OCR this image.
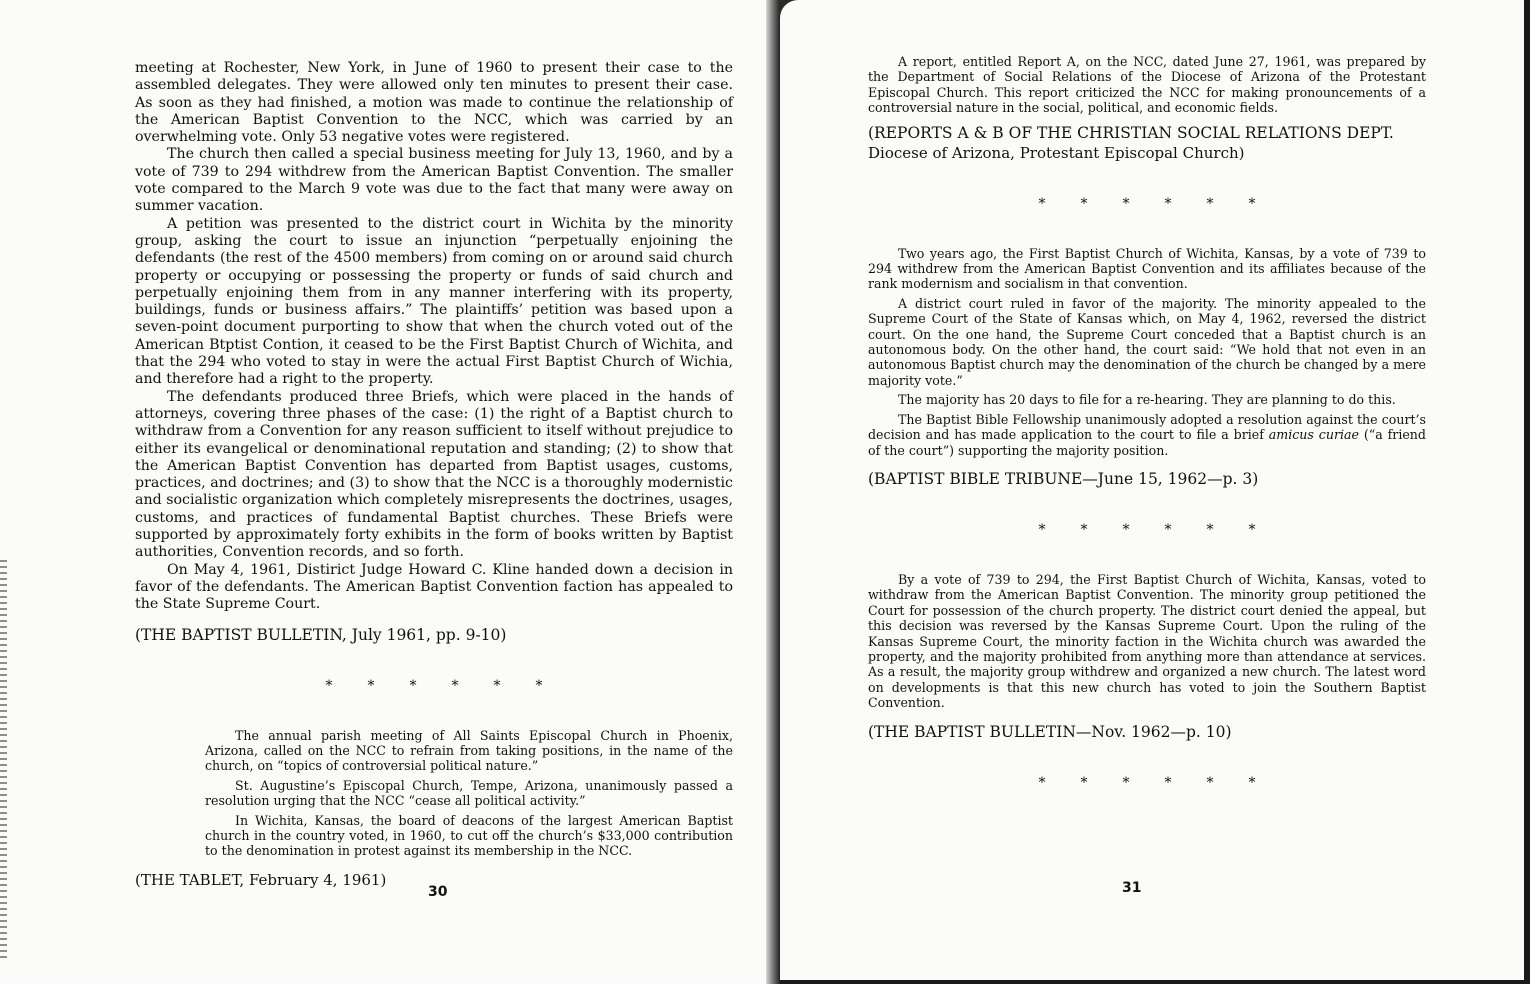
meeting at Rochester, New York, in June of 1960 to present their case to the assembled delegates. They were allowed only ten minutes to present their case. As soon as they had finished, a motion was made to continue the relationship of the American Baptist Convention to the NCC, which was carried by an overwhelming vote. Only 53 negative votes were registered.

The church then called a special business meeting for July 13, 1960, and by a vote of 739 to 294 withdrew from the American Baptist Convention. The smaller vote compared to the March 9 vote was due to the fact that many were away on summer vacation.

A petition was presented to the district court in Wichita by the minority group, asking the court to issue an injunction “perpetually enjoining the defendants (the rest of the 4500 members) from coming on or around said church property or occupying or possessing the property or funds of said church and perpetually enjoining them from in any manner interfering with its property, buildings, funds or business affairs.” The plaintiffs’ petition was based upon a seven-point document purporting to show that when the church voted out of the American Btptist Contion, it ceased to be the First Baptist Church of Wichita, and that the 294 who voted to stay in were the actual First Baptist Church of Wichia, and therefore had a right to the property.

The defendants produced three Briefs, which were placed in the hands of attorneys, covering three phases of the case: (1) the right of a Baptist church to withdraw from a Convention for any reason sufficient to itself without prejudice to either its evangelical or denominational reputation and standing; (2) to show that the American Baptist Convention has departed from Baptist usages, customs, practices, and doctrines; and (3) to show that the NCC is a thoroughly modernistic and socialistic organization which completely misrepresents the doctrines, usages, customs, and practices of fundamental Baptist churches. These Briefs were supported by approximately forty exhibits in the form of books written by Baptist authorities, Convention records, and so forth.

On May 4, 1961, Distirict Judge Howard C. Kline handed down a decision in favor of the defendants. The American Baptist Convention faction has appealed to the State Supreme Court.

(THE BAPTIST BULLETIN, July 1961, pp. 9-10)
*	*	*	*	*	*

The annual parish meeting of All Saints Episcopal Church in Phoenix, Arizona, called on the NCC to refrain from taking positions, in the name of the church, on “topics of controversial political nature.”

St. Augustine’s Episcopal Church, Tempe, Arizona, unanimously passed a resolution urging that the NCC “cease all political activity.”

In Wichita, Kansas, the board of deacons of the largest American Baptist church in the country voted, in 1960, to cut off the church’s $33,000 contribution to the denomination in protest against its membership in the NCC.

(THE TABLET, February 4, 1961)
30

A report, entitled Report A, on the NCC, dated June 27, 1961, was prepared by the Department of Social Relations of the Diocese of Arizona of the Protestant Episcopal Church. This report criticized the NCC for making pronouncements of a controversial nature in the social, political, and economic fields.

(REPORTS A & B OF THE CHRISTIAN SOCIAL RELATIONS DEPT.
Diocese of Arizona, Protestant Episcopal Church)
*	*	*	*	*	*

Two years ago, the First Baptist Church of Wichita, Kansas, by a vote of 739 to 294 withdrew from the American Baptist Convention and its affiliates because of the rank modernism and socialism in that convention.

A district court ruled in favor of the majority. The minority appealed to the Supreme Court of the State of Kansas which, on May 4, 1962, reversed the district court. On the one hand, the Supreme Court conceded that a Baptist church is an autonomous body. On the other hand, the court said: “We hold that not even in an autonomous Baptist church may the denomination of the church be changed by a mere majority vote.”

The majority has 20 days to file for a re-hearing. They are planning to do this.

The Baptist Bible Fellowship unanimously adopted a resolution against the court’s decision and has made application to the court to file a brief amicus curiae (“a friend of the court”) supporting the majority position.

(BAPTIST BIBLE TRIBUNE—June 15, 1962—p. 3)
*	*	*	*	*	*

By a vote of 739 to 294, the First Baptist Church of Wichita, Kansas, voted to withdraw from the American Baptist Convention. The minority group petitioned the Court for possession of the church property. The district court denied the appeal, but this decision was reversed by the Kansas Supreme Court. Upon the ruling of the Kansas Supreme Court, the minority faction in the Wichita church was awarded the property, and the majority prohibited from anything more than attendance at services. As a result, the majority group withdrew and organized a new church. The latest word on developments is that this new church has voted to join the Southern Baptist Convention.

(THE BAPTIST BULLETIN—Nov. 1962—p. 10)
*	*	*	*	*	*
31
